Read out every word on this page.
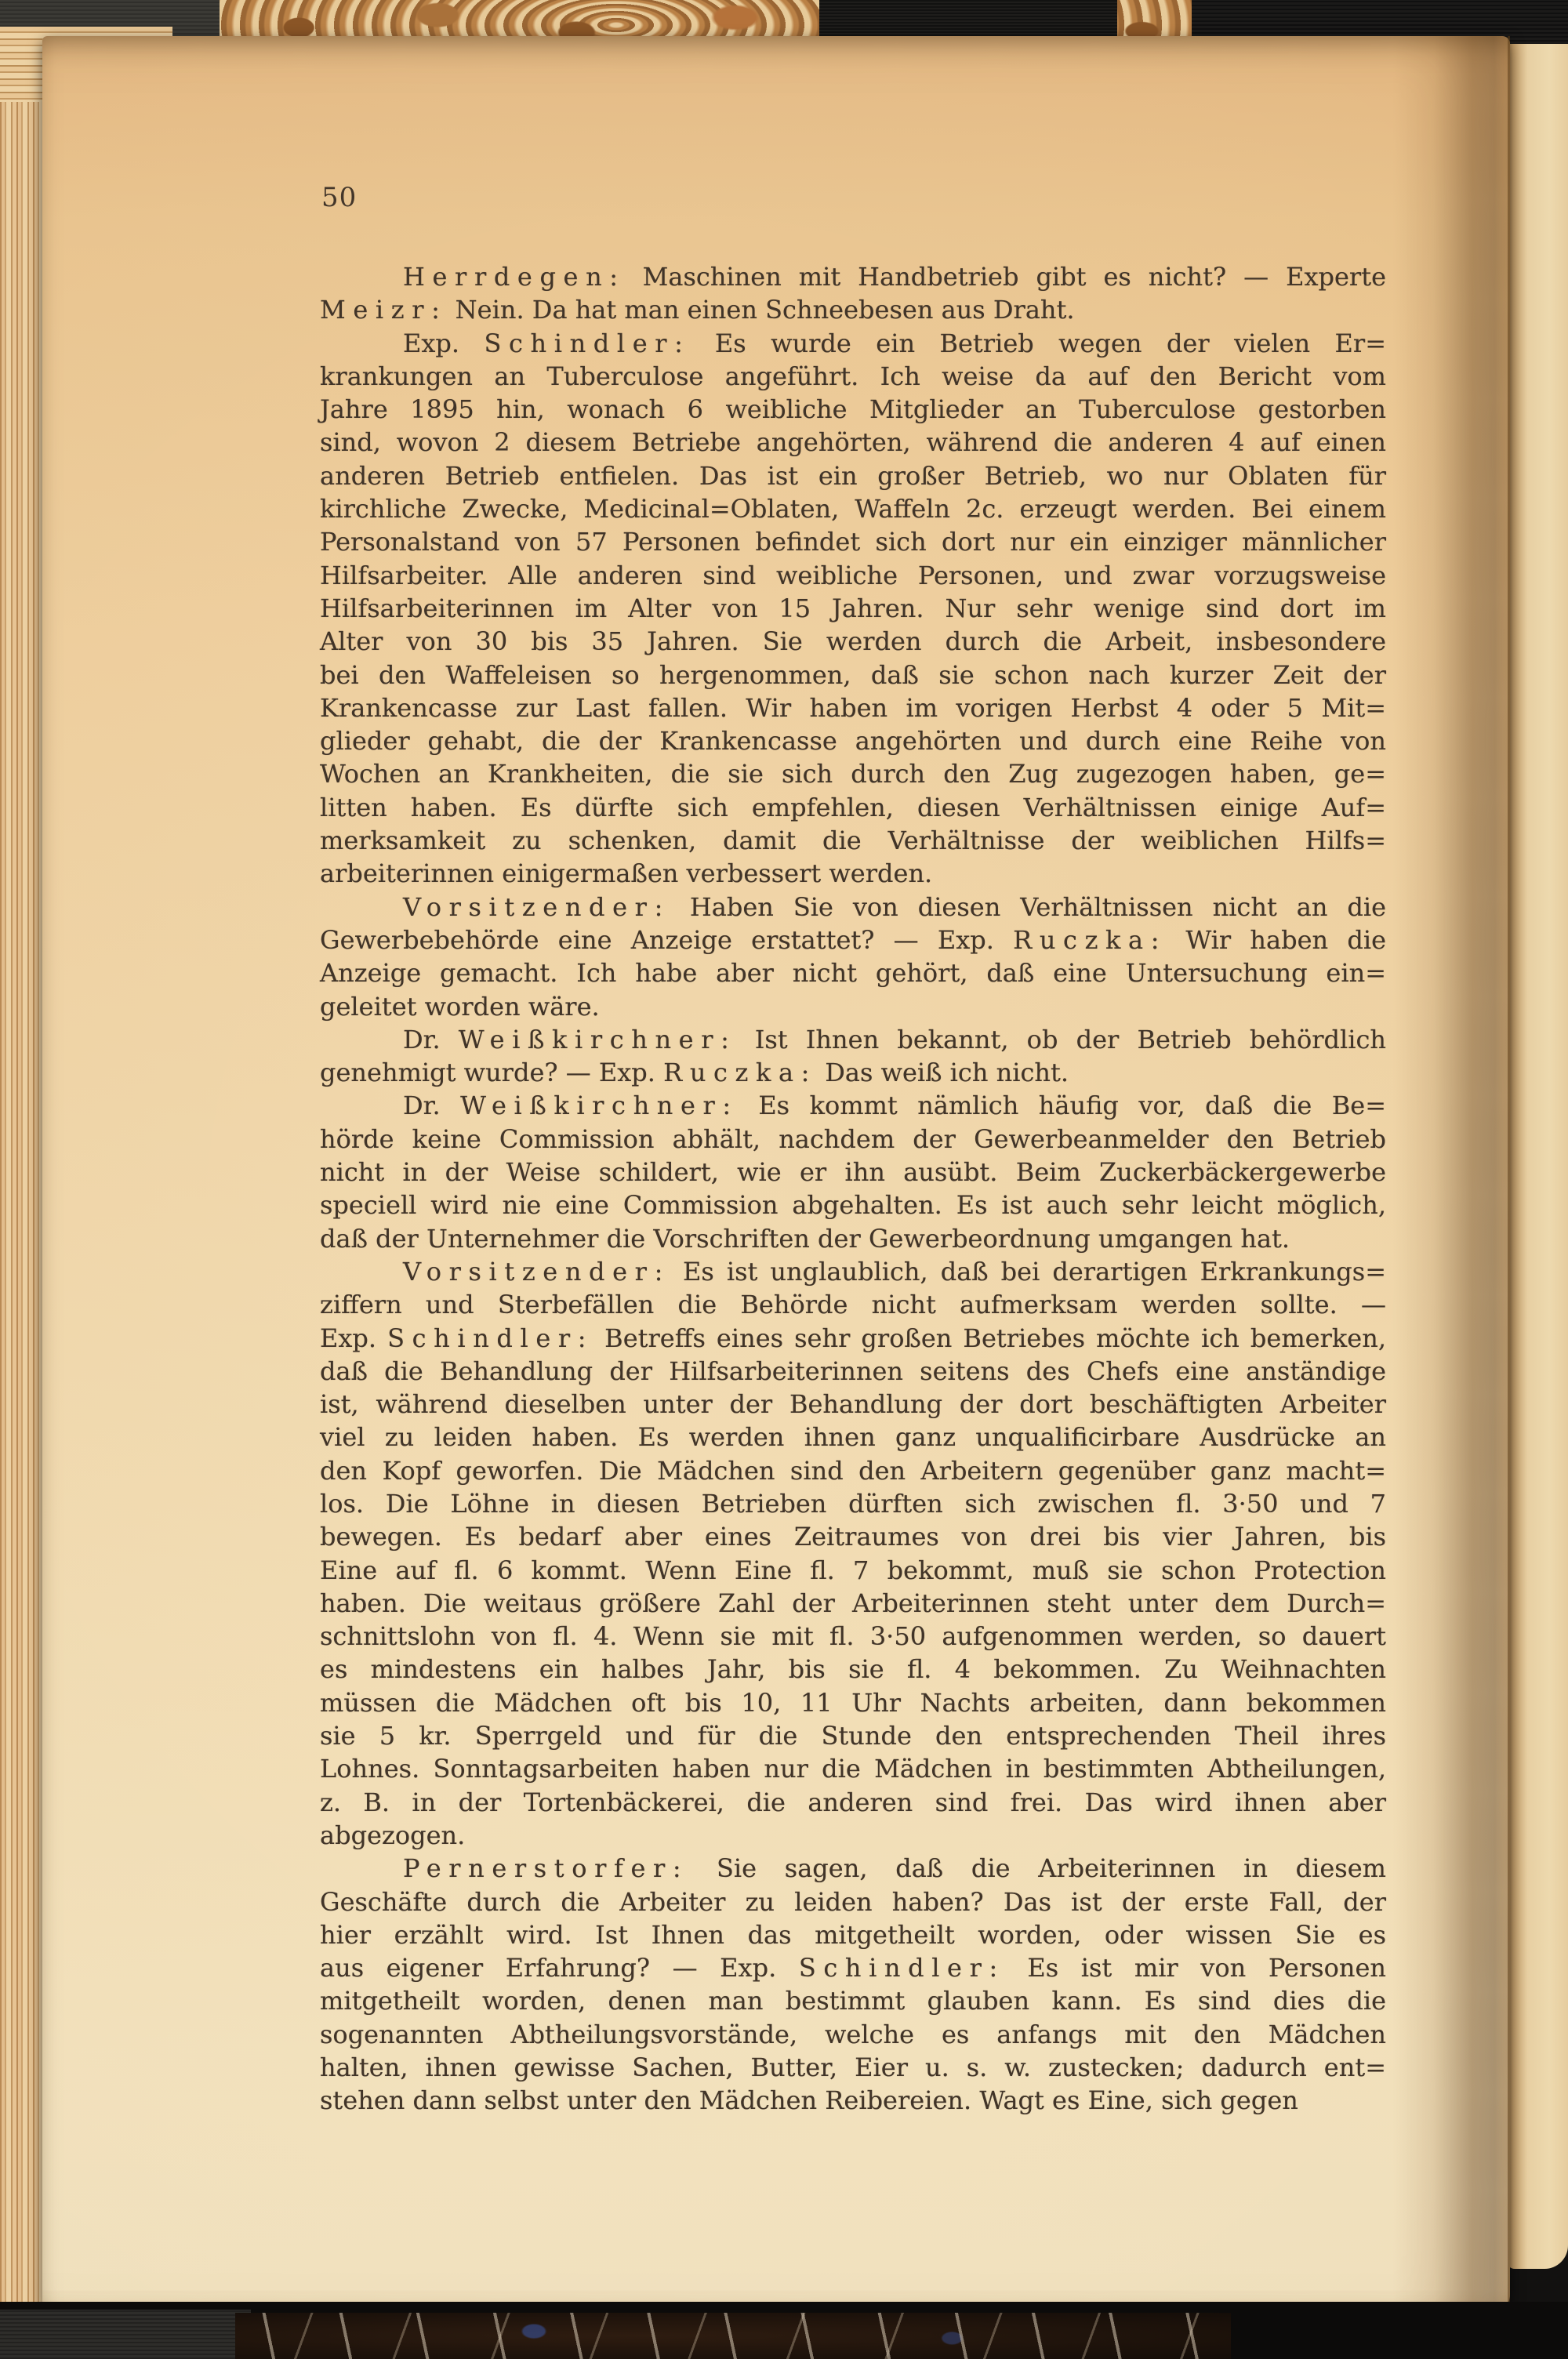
50
Herrdegen: Maschinen mit Handbetrieb gibt es nicht? — Experte
Meizr: Nein. Da hat man einen Schneebesen aus Draht.
Exp. Schindler: Es wurde ein Betrieb wegen der vielen Er=
krankungen an Tuberculose angeführt. Ich weise da auf den Bericht vom
Jahre 1895 hin, wonach 6 weibliche Mitglieder an Tuberculose gestorben
sind, wovon 2 diesem Betriebe angehörten, während die anderen 4 auf einen
anderen Betrieb entfielen. Das ist ein großer Betrieb, wo nur Oblaten für
kirchliche Zwecke, Medicinal=Oblaten, Waffeln 2c. erzeugt werden. Bei einem
Personalstand von 57 Personen befindet sich dort nur ein einziger männlicher
Hilfsarbeiter. Alle anderen sind weibliche Personen, und zwar vorzugsweise
Hilfsarbeiterinnen im Alter von 15 Jahren. Nur sehr wenige sind dort im
Alter von 30 bis 35 Jahren. Sie werden durch die Arbeit, insbesondere
bei den Waffeleisen so hergenommen, daß sie schon nach kurzer Zeit der
Krankencasse zur Last fallen. Wir haben im vorigen Herbst 4 oder 5 Mit=
glieder gehabt, die der Krankencasse angehörten und durch eine Reihe von
Wochen an Krankheiten, die sie sich durch den Zug zugezogen haben, ge=
litten haben. Es dürfte sich empfehlen, diesen Verhältnissen einige Auf=
merksamkeit zu schenken, damit die Verhältnisse der weiblichen Hilfs=
arbeiterinnen einigermaßen verbessert werden.
Vorsitzender: Haben Sie von diesen Verhältnissen nicht an die
Gewerbebehörde eine Anzeige erstattet? — Exp. Ruczka: Wir haben die
Anzeige gemacht. Ich habe aber nicht gehört, daß eine Untersuchung ein=
geleitet worden wäre.
Dr. Weißkirchner: Ist Ihnen bekannt, ob der Betrieb behördlich
genehmigt wurde? — Exp. Ruczka: Das weiß ich nicht.
Dr. Weißkirchner: Es kommt nämlich häufig vor, daß die Be=
hörde keine Commission abhält, nachdem der Gewerbeanmelder den Betrieb
nicht in der Weise schildert, wie er ihn ausübt. Beim Zuckerbäckergewerbe
speciell wird nie eine Commission abgehalten. Es ist auch sehr leicht möglich,
daß der Unternehmer die Vorschriften der Gewerbeordnung umgangen hat.
Vorsitzender: Es ist unglaublich, daß bei derartigen Erkrankungs=
ziffern und Sterbefällen die Behörde nicht aufmerksam werden sollte. —
Exp. Schindler: Betreffs eines sehr großen Betriebes möchte ich bemerken,
daß die Behandlung der Hilfsarbeiterinnen seitens des Chefs eine anständige
ist, während dieselben unter der Behandlung der dort beschäftigten Arbeiter
viel zu leiden haben. Es werden ihnen ganz unqualificirbare Ausdrücke an
den Kopf geworfen. Die Mädchen sind den Arbeitern gegenüber ganz macht=
los. Die Löhne in diesen Betrieben dürften sich zwischen fl. 3·50 und 7
bewegen. Es bedarf aber eines Zeitraumes von drei bis vier Jahren, bis
Eine auf fl. 6 kommt. Wenn Eine fl. 7 bekommt, muß sie schon Protection
haben. Die weitaus größere Zahl der Arbeiterinnen steht unter dem Durch=
schnittslohn von fl. 4. Wenn sie mit fl. 3·50 aufgenommen werden, so dauert
es mindestens ein halbes Jahr, bis sie fl. 4 bekommen. Zu Weihnachten
müssen die Mädchen oft bis 10, 11 Uhr Nachts arbeiten, dann bekommen
sie 5 kr. Sperrgeld und für die Stunde den entsprechenden Theil ihres
Lohnes. Sonntagsarbeiten haben nur die Mädchen in bestimmten Abtheilungen,
z. B. in der Tortenbäckerei, die anderen sind frei. Das wird ihnen aber
abgezogen.
Pernerstorfer: Sie sagen, daß die Arbeiterinnen in diesem
Geschäfte durch die Arbeiter zu leiden haben? Das ist der erste Fall, der
hier erzählt wird. Ist Ihnen das mitgetheilt worden, oder wissen Sie es
aus eigener Erfahrung? — Exp. Schindler: Es ist mir von Personen
mitgetheilt worden, denen man bestimmt glauben kann. Es sind dies die
sogenannten Abtheilungsvorstände, welche es anfangs mit den Mädchen
halten, ihnen gewisse Sachen, Butter, Eier u. s. w. zustecken; dadurch ent=
stehen dann selbst unter den Mädchen Reibereien. Wagt es Eine, sich gegen
